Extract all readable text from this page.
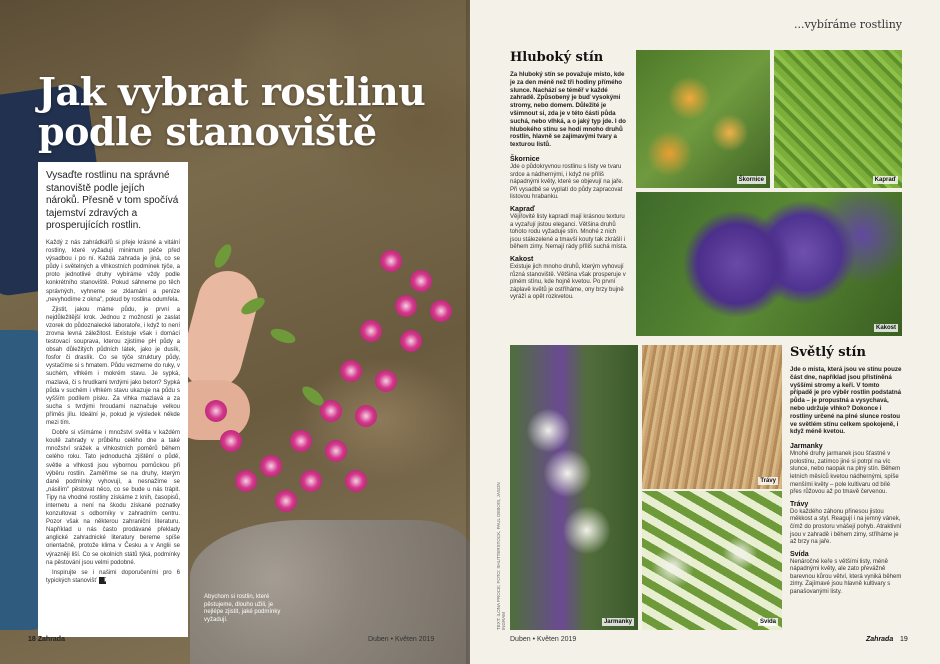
Jak vybrat rostlinu podle stanoviště

Vysaďte rostlinu na správné stanoviště podle jejích nároků. Přesně v tom spočívá tajemství zdravých a prosperujících rostlin.

Každý z nás zahrádkářů si přeje krásné a vitální rostliny, které vyžadují minimum péče před výsadbou i po ní. Každá zahrada je jiná, co se půdy i světelných a vlhkostních podmínek týče, a proto jednotlivé druhy vybíráme vždy podle konkrétního stanoviště. Pokud sáhneme po těch správných, vyhneme se zklamání a peníze „nevyhodíme z okna", pokud by rostlina odumřela.

Zjistit, jakou máme půdu, je první a nejdůležitější krok. Jednou z možností je zaslat vzorek do půdoznalecké laboratoře, i když to není zrovna levná záležitost. Existuje však i domácí testovací souprava, kterou zjistíme pH půdy a obsah důležitých půdních látek, jako je dusík, fosfor či draslík. Co se týče struktury půdy, vystačíme si s hmatem. Půdu vezmeme do ruky, v suchém, vlhkém i mokrém stavu. Je sypká, mazlavá, či s hrudkami tvrdými jako beton? Sypká půda v suchém i vlhkém stavu ukazuje na půdu s vyšším podílem písku. Za vlhka mazlavá a za sucha s tvrdými hroudami naznačuje velkou příměs jílu. Ideální je, pokud je výsledek někde mezi tím.

Dobře si všímáme i množství světla v každém koutě zahrady v průběhu celého dne a také množství srážek a vlhkostních poměrů během celého roku. Tato jednoduchá zjištění o půdě, světle a vlhkosti jsou výbornou pomůckou při výběru rostlin. Zaměříme se na druhy, kterým dané podmínky vyhovují, a nesnažíme se „násilím" pěstovat něco, co se bude u nás trápit. Tipy na vhodné rostliny získáme z knih, časopisů, internetu a není na škodu získané poznatky konzultovat s odborníky v zahradním centru. Pozor však na některou zahraniční literaturu. Například u nás často prodávané překlady anglické zahradnické literatury bereme spíše orientačně, protože klima v Česku a v Anglii se výrazněji liší. Co se okolních států týká, podmínky na pěstování jsou velmi podobné.

Inspirujte se i našimi doporučeními pro 6 typických stanovišť ▶

Abychom si rostlin, které pěstujeme, dlouho užili, je nejlépe zjistit, jaké podmínky vyžadují.

18 Zahrada	Duben • Květen 2019
...vybíráme rostliny
Hluboký stín

Za hluboký stín se považuje místo, kde je za den méně než tři hodiny přímého slunce. Nachází se téměř v každé zahradě. Způsobený je buď vysokými stromy, nebo domem. Důležité je všimnout si, zda je v této části půda suchá, nebo vlhká, a o jaký typ jde. I do hlubokého stínu se hodí mnoho druhů rostlin, hlavně se zajímavými tvary a texturou listů.

Škornice

Jde o půdokryvnou rostlinu s listy ve tvaru srdce a nádhernými, i když ne příliš nápadnými květy, které se objevují na jaře. Při vysadbě se vyplatí do půdy zapracovat listovou hrabanku.

Kapraď

Vějířovité listy kapradí mají krásnou texturu a vyzařují jistou eleganci. Většina druhů tohoto rodu vyžaduje stín. Mnohé z nich jsou stálezelené a tmavší kouty tak zkrášlí i během zimy. Nemají rády příliš suchá místa.

Kakost

Existuje jich mnoho druhů, kterým vyhovují různá stanoviště. Většina však prosperuje v plném stínu, kde hojně kvetou. Po první záplavě květů je ostříháme, ony brzy bujně vyráží a opět rozkvetou.

Škornice	Kapraď
Kakost
TEXT: ILONA PROCE; FOTO: SHUTTERSTOCK, PAUL DEBOIS, JASON INGRAM	Jarmanky
Trávy
Svída
Světlý stín

Jde o místa, která jsou ve stínu pouze část dne, například jsou přistíněná vyššími stromy a keři. V tomto případě je pro výběr rostlin podstatná půda – je propustná a vysychavá, nebo udržuje vlhko? Dokonce i rostliny určené na plné slunce rostou ve světlém stínu celkem spokojeně, i když méně kvetou.

Jarmanky

Mnohé druhy jarmanek jsou šťastné v polostínu, zatímco jiné si potrpí na víc slunce, nebo naopak na plný stín. Během letních měsíců kvetou nádhernými, spíše menšími květy – pole kultivaru od bílé přes růžovou až po tmavě červenou.

Trávy

Do každého záhonu přinesou jistou měkkost a styl. Reagují i na jemný vánek, čímž do prostoru vnášejí pohyb. Atraktivní jsou v zahradě i během zimy, stříháme je až brzy na jaře.

Svída

Nenáročné keře s většími listy, méně nápadnými květy, ale zato převážně barevnou kůrou větví, která vyniká během zimy. Zajímavé jsou hlavně kultivary s panašovanými listy.

Duben • Květen 2019	Zahrada 19
